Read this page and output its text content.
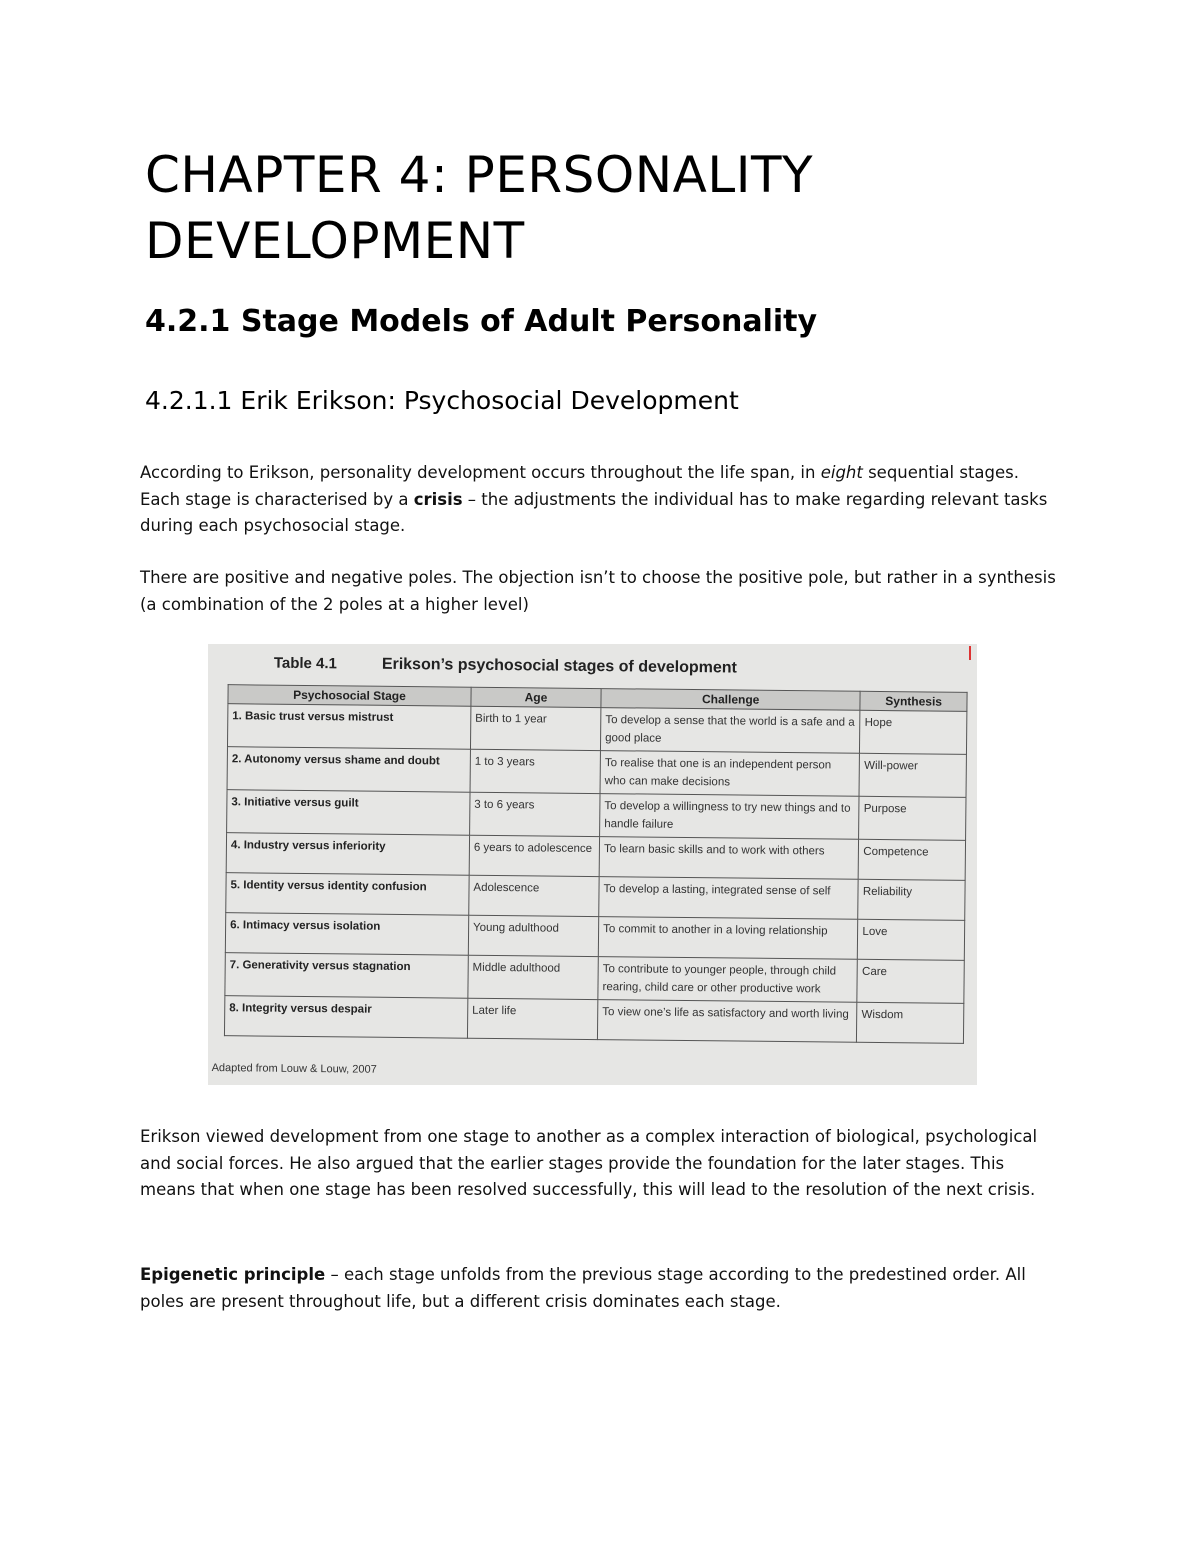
CHAPTER 4: PERSONALITY DEVELOPMENT
4.2.1 Stage Models of Adult Personality
4.2.1.1 Erik Erikson: Psychosocial Development

According to Erikson, personality development occurs throughout the life span, in eight sequential stages. Each stage is characterised by a crisis – the adjustments the individual has to make regarding relevant tasks during each psychosocial stage.

There are positive and negative poles. The objection isn’t to choose the positive pole, but rather in a synthesis (a combination of the 2 poles at a higher level)

Table 4.1	Erikson’s psychosocial stages of development
Psychosocial Stage	Age	Challenge	Synthesis
1. Basic trust versus mistrust	Birth to 1 year	To develop a sense that the world is a safe and a good place	Hope
2. Autonomy versus shame and doubt	1 to 3 years	To realise that one is an independent person who can make decisions	Will-power
3. Initiative versus guilt	3 to 6 years	To develop a willingness to try new things and to handle failure	Purpose
4. Industry versus inferiority	6 years to adolescence	To learn basic skills and to work with others	Competence
5. Identity versus identity confusion	Adolescence	To develop a lasting, integrated sense of self	Reliability
6. Intimacy versus isolation	Young adulthood	To commit to another in a loving relationship	Love
7. Generativity versus stagnation	Middle adulthood	To contribute to younger people, through child rearing, child care or other productive work	Care
8. Integrity versus despair	Later life	To view one’s life as satisfactory and worth living	Wisdom
Adapted from Louw & Louw, 2007

Erikson viewed development from one stage to another as a complex interaction of biological, psychological and social forces. He also argued that the earlier stages provide the foundation for the later stages. This means that when one stage has been resolved successfully, this will lead to the resolution of the next crisis.

Epigenetic principle – each stage unfolds from the previous stage according to the predestined order. All poles are present throughout life, but a different crisis dominates each stage.
